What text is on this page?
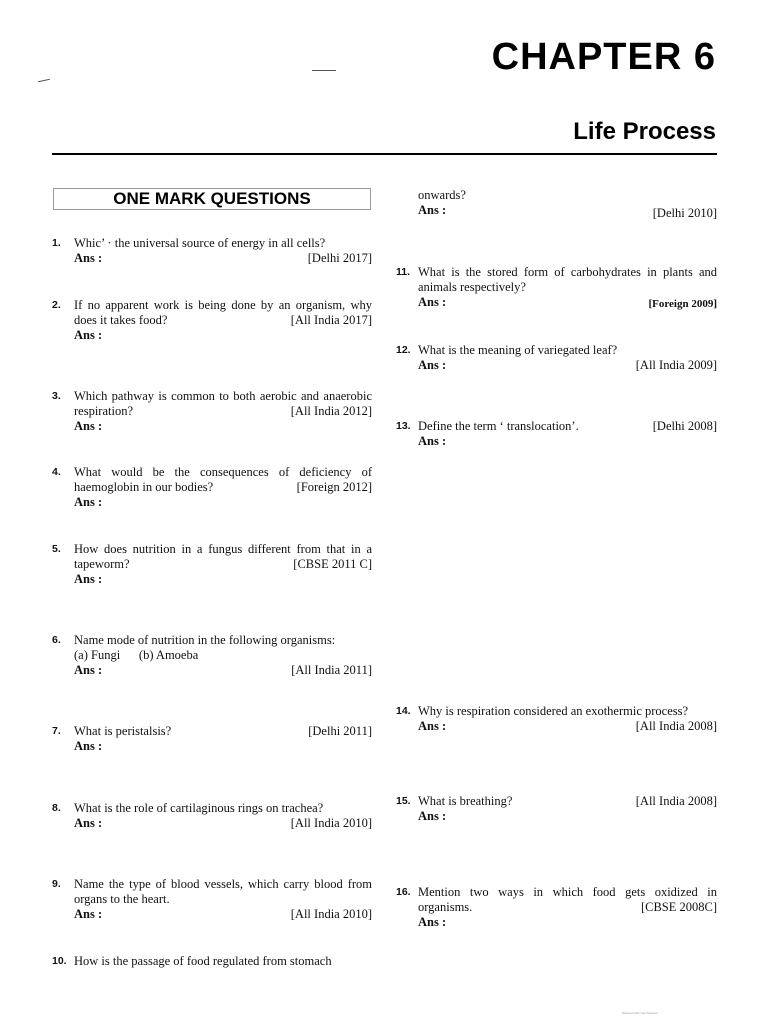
CHAPTER 6
Life Process
ONE MARK QUESTIONS
1. Whic’ · the universal source of energy in all cells?
[Delhi 2017]
Ans :
2. If no apparent work is being done by an organism, why does it takes food?
Ans :
[All India 2017]
3. Which pathway is common to both aerobic and anaerobic respiration?
Ans :
[All India 2012]
4. What would be the consequences of deficiency of haemoglobin in our bodies?
Ans :
[Foreign 2012]
5. How does nutrition in a fungus different from that in a tapeworm?
Ans :
[CBSE 2011 C]
6. Name mode of nutrition in the following organisms:
(a) Fungi      (b) Amoeba
Ans :	[All India 2011]
7. What is peristalsis?
Ans :
[Delhi 2011]
8. What is the role of cartilaginous rings on trachea?
Ans :	[All India 2010]
9. Name the type of blood vessels, which carry blood from organs to the heart.
Ans :	[All India 2010]
10. How is the passage of food regulated from stomach
onwards?
Ans :	[Delhi 2010]
11. What is the stored form of carbohydrates in plants and animals respectively?
Ans :	[Foreign 2009]
12. What is the meaning of variegated leaf?
Ans :	[All India 2009]
13. Define the term ‘ translocation’.
Ans :
[Delhi 2008]
14. Why is respiration considered an exothermic process?
Ans :	[All India 2008]
15. What is breathing?
Ans :
[All India 2008]
16. Mention two ways in which food gets oxidized in organisms.
Ans :
[CBSE 2008C]
Scanned with CamScanner
